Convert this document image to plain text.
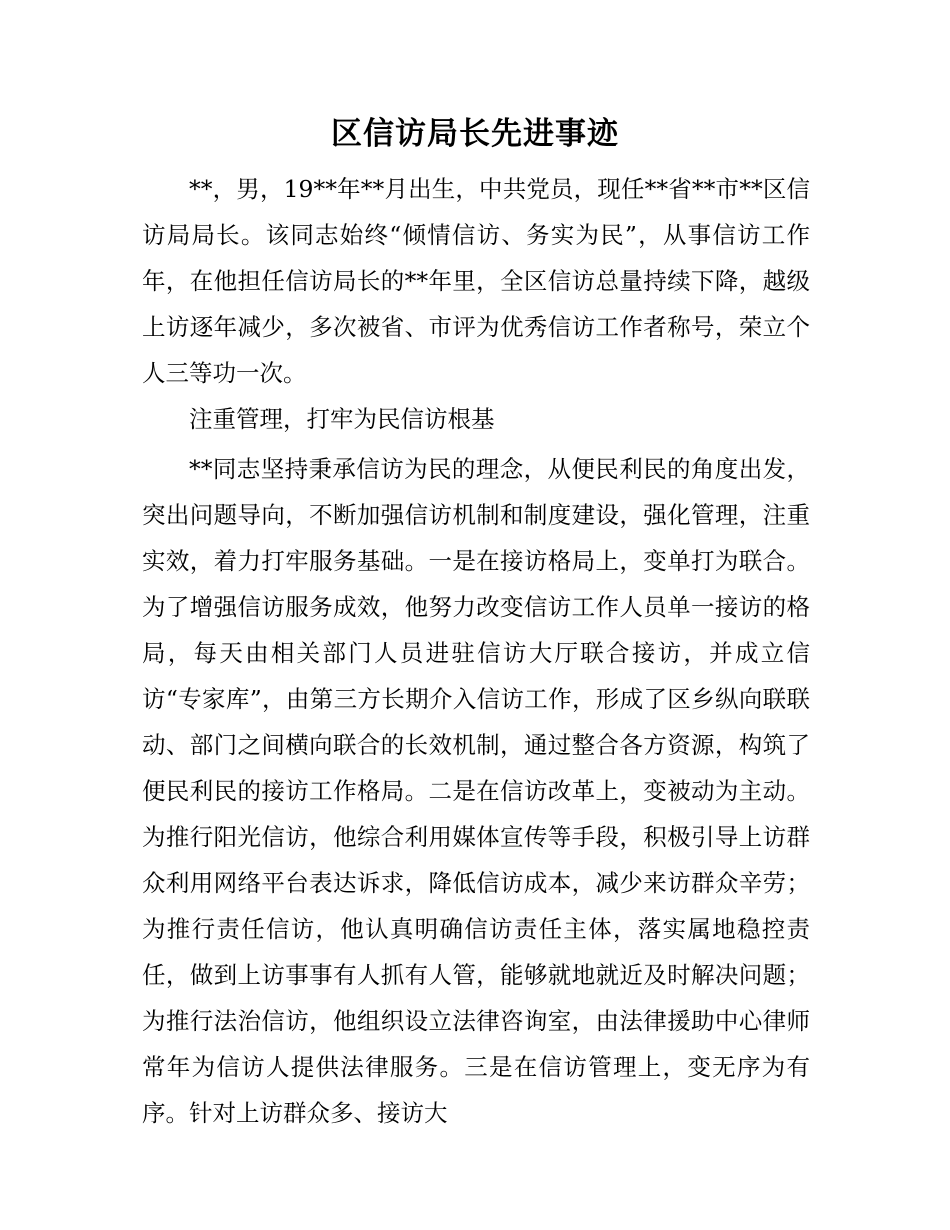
区信访局长先进事迹

**，男，19**年**月出生，中共党员，现任**省**市**区信访局局长。该同志始终“倾情信访、务实为民”，从事信访工作年，在他担任信访局长的**年里，全区信访总量持续下降，越级上访逐年减少，多次被省、市评为优秀信访工作者称号，荣立个人三等功一次。

注重管理，打牢为民信访根基

**同志坚持秉承信访为民的理念，从便民利民的角度出发，突出问题导向，不断加强信访机制和制度建设，强化管理，注重实效，着力打牢服务基础。一是在接访格局上，变单打为联合。为了增强信访服务成效，他努力改变信访工作人员单一接访的格局，每天由相关部门人员进驻信访大厅联合接访，并成立信访“专家库”，由第三方长期介入信访工作，形成了区乡纵向联联动、部门之间横向联合的长效机制，通过整合各方资源，构筑了便民利民的接访工作格局。二是在信访改革上，变被动为主动。为推行阳光信访，他综合利用媒体宣传等手段，积极引导上访群众利用网络平台表达诉求，降低信访成本，减少来访群众辛劳；为推行责任信访，他认真明确信访责任主体，落实属地稳控责任，做到上访事事有人抓有人管，能够就地就近及时解决问题；为推行法治信访，他组织设立法律咨询室，由法律援助中心律师常年为信访人提供法律服务。三是在信访管理上，变无序为有序。针对上访群众多、接访大
